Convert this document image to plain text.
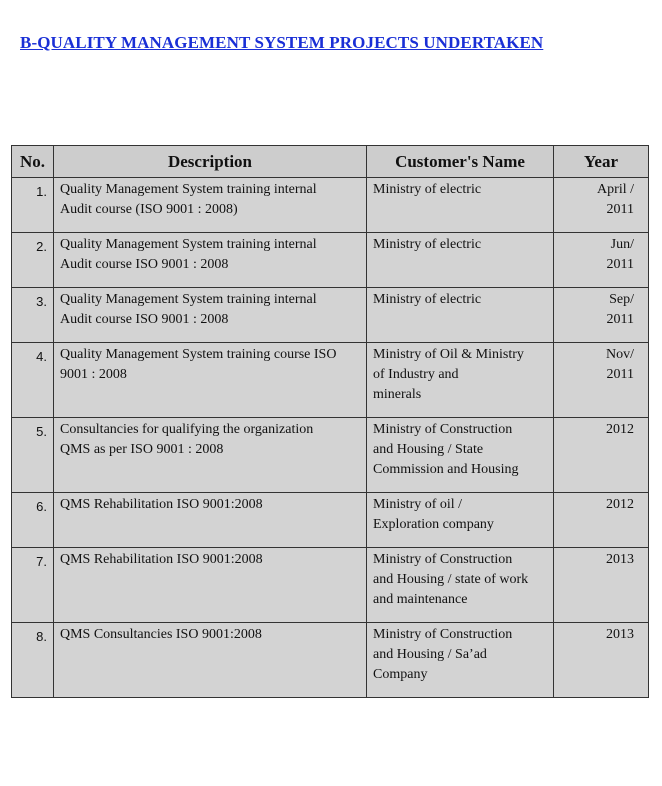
B-QUALITY MANAGEMENT SYSTEM PROJECTS UNDERTAKEN
No.	Description	Customer's Name	Year
1.	Quality Management System training internal
Audit course (ISO 9001 : 2008)	Ministry of electric	April /
2011
2.	Quality Management System training internal
Audit course ISO 9001 : 2008	Ministry of electric	Jun/
2011
3.	Quality Management System training internal
Audit course ISO 9001 : 2008	Ministry of electric	Sep/
2011
4.	Quality Management System training course ISO
9001 : 2008	Ministry of Oil & Ministry
of Industry and
minerals	Nov/
2011
5.	Consultancies for qualifying the organization
QMS as per ISO 9001 : 2008	Ministry of Construction
and Housing / State
Commission and Housing	2012
6.	QMS Rehabilitation ISO 9001:2008	Ministry of oil /
Exploration company	2012
7.	QMS Rehabilitation ISO 9001:2008	Ministry of Construction
and Housing / state of work
and maintenance	2013
8.	QMS Consultancies ISO 9001:2008	Ministry of Construction
and Housing / Sa’ad
Company	2013
